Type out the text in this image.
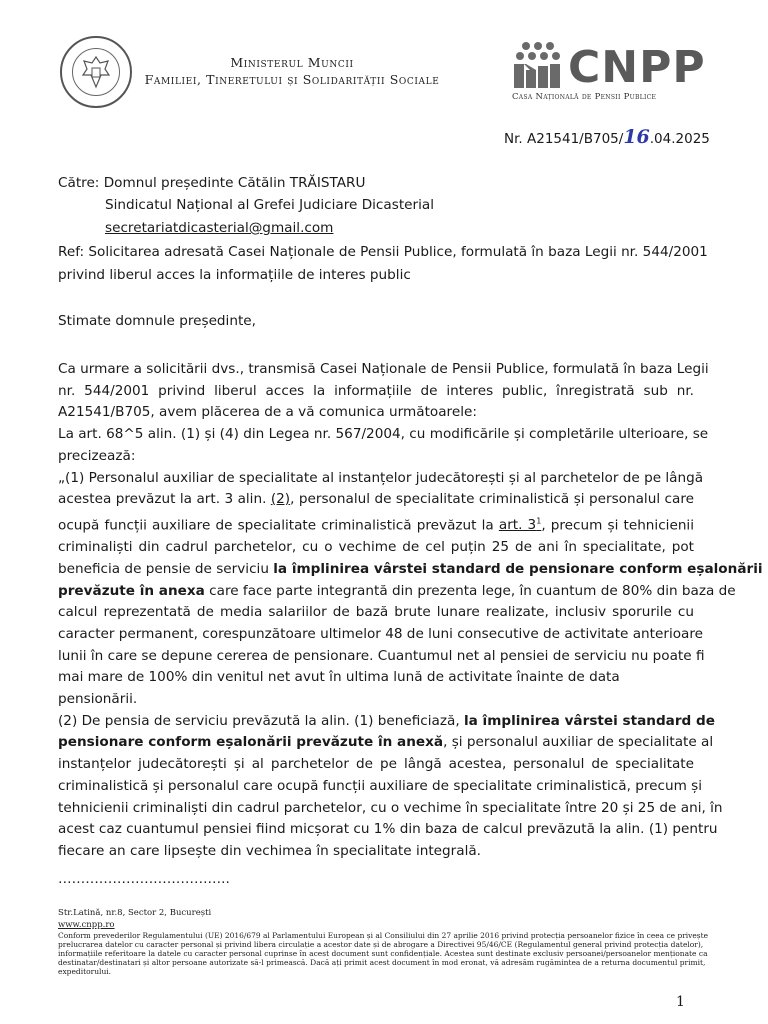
Ministerul Muncii
Familiei, Tineretului și Solidarității Sociale	CNPP
Casa Națională de Pensii Publice
Nr. A21541/B705/16.04.2025
Către: Domnul președinte Cătălin TRĂISTARU
Sindicatul Național al Grefei Judiciare Dicasterial
secretariatdicasterial@gmail.com
Ref: Solicitarea adresată Casei Naționale de Pensii Publice, formulată în baza Legii nr. 544/2001
privind liberul acces la informațiile de interes public
Stimate domnule președinte,
Ca urmare a solicitării dvs., transmisă Casei Naționale de Pensii Publice, formulată în baza Legii
nr. 544/2001 privind liberul acces la informațiile de interes public, înregistrată sub nr.
A21541/B705, avem plăcerea de a vă comunica următoarele:
La art. 68^5 alin. (1) și (4) din Legea nr. 567/2004, cu modificările și completările ulterioare, se
precizează:
„(1) Personalul auxiliar de specialitate al instanțelor judecătorești și al parchetelor de pe lângă
acestea prevăzut la art. 3 alin. (2), personalul de specialitate criminalistică și personalul care
ocupă funcții auxiliare de specialitate criminalistică prevăzut la art. $3^1$, precum și tehnicienii
criminaliști din cadrul parchetelor, cu o vechime de cel puțin 25 de ani în specialitate, pot
beneficia de pensie de serviciu la împlinirea vârstei standard de pensionare conform eșalonării
prevăzute în anexa care face parte integrantă din prezenta lege, în cuantum de 80% din baza de
calcul reprezentată de media salariilor de bază brute lunare realizate, inclusiv sporurile cu
caracter permanent, corespunzătoare ultimelor 48 de luni consecutive de activitate anterioare
lunii în care se depune cererea de pensionare. Cuantumul net al pensiei de serviciu nu poate fi
mai mare de 100% din venitul net avut în ultima lună de activitate înainte de data pensionării.
(2) De pensia de serviciu prevăzută la alin. (1) beneficiază, la împlinirea vârstei standard de
pensionare conform eșalonării prevăzute în anexă, și personalul auxiliar de specialitate al
instanțelor judecătorești și al parchetelor de pe lângă acestea, personalul de specialitate
criminalistică și personalul care ocupă funcții auxiliare de specialitate criminalistică, precum și
tehnicienii criminaliști din cadrul parchetelor, cu o vechime în specialitate între 20 și 25 de ani, în
acest caz cuantumul pensiei fiind micșorat cu 1% din baza de calcul prevăzută la alin. (1) pentru
fiecare an care lipsește din vechimea în specialitate integrală.
………………………………..
Str.Latină, nr.8, Sector 2, București
www.cnpp.ro
Conform prevederilor Regulamentului (UE) 2016/679 al Parlamentului European și al Consiliului din 27 aprilie 2016 privind protecția persoanelor fizice în ceea ce privește
prelucrarea datelor cu caracter personal și privind libera circulație a acestor date și de abrogare a Directivei 95/46/CE (Regulamentul general privind protecția datelor),
informațiile referitoare la datele cu caracter personal cuprinse în acest document sunt confidențiale. Acestea sunt destinate exclusiv persoanei/persoanelor menționate ca
destinatar/destinatari și altor persoane autorizate să-l primească. Dacă ați primit acest document în mod eronat, vă adresăm rugămintea de a returna documentul primit,
expeditorului.
1
